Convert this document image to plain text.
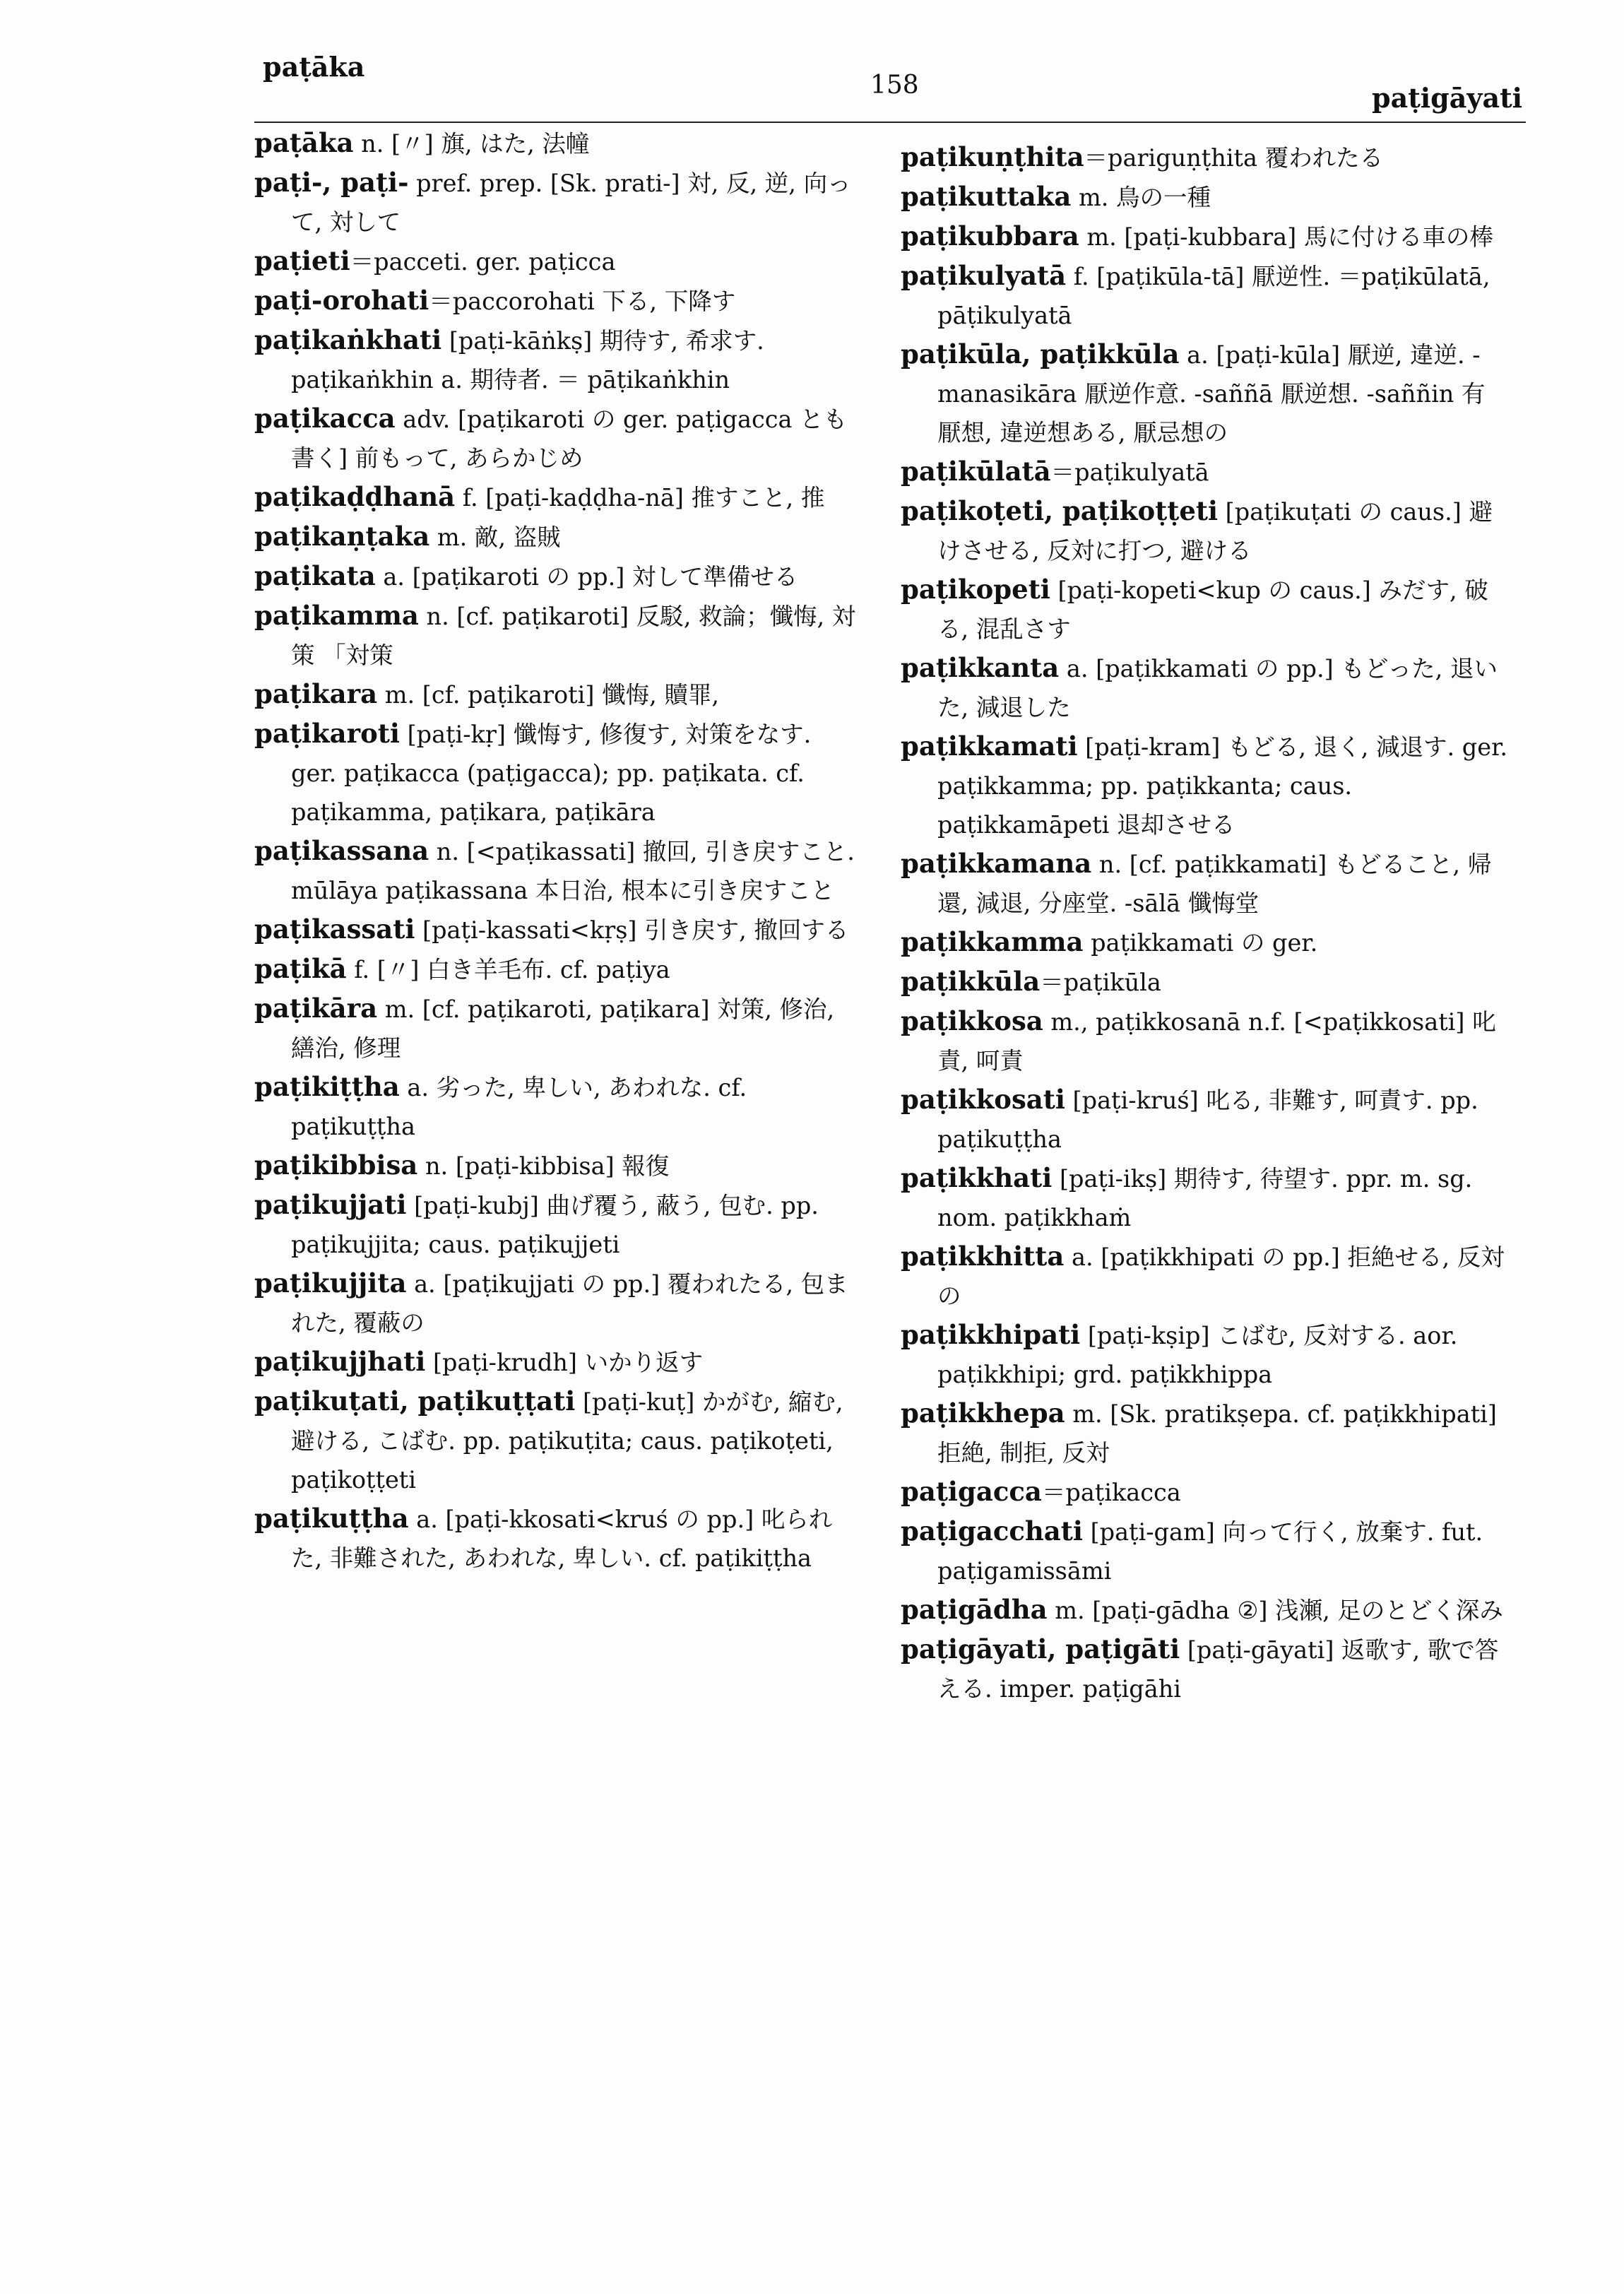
paṭāka
158	paṭigāyati

paṭāka n. [〃] 旗, はた, 法幢

paṭi-, paṭi- pref. prep. [Sk. prati-] 対, 反, 逆, 向って, 対して

paṭieti＝pacceti. ger. paṭicca

paṭi-orohati＝paccorohati 下る, 下降す

paṭikaṅkhati [paṭi-kāṅkṣ] 期待す, 希求す. paṭikaṅkhin a. 期待者. ＝ pāṭikaṅkhin

paṭikacca adv. [paṭikaroti の ger. paṭigacca とも書く] 前もって, あらかじめ

paṭikaḍḍhanā f. [paṭi-kaḍḍha-nā] 推すこと, 推

paṭikaṇṭaka m. 敵, 盗賊

paṭikata a. [paṭikaroti の pp.] 対して準備せる

paṭikamma n. [cf. paṭikaroti] 反駁, 救論；懺悔, 対策 「対策

paṭikara m. [cf. paṭikaroti] 懺悔, 贖罪,

paṭikaroti [paṭi-kṛ] 懺悔す, 修復す, 対策をなす. ger. paṭikacca (paṭigacca); pp. paṭikata. cf. paṭikamma, paṭikara, paṭikāra

paṭikassana n. [<paṭikassati] 撤回, 引き戻すこと. mūlāya paṭikassana 本日治, 根本に引き戻すこと

paṭikassati [paṭi-kassati<kṛṣ] 引き戻す, 撤回する

paṭikā f. [〃] 白き羊毛布. cf. paṭiya

paṭikāra m. [cf. paṭikaroti, paṭikara] 対策, 修治, 繕治, 修理

paṭikiṭṭha a. 劣った, 卑しい, あわれな. cf. paṭikuṭṭha

paṭikibbisa n. [paṭi-kibbisa] 報復

paṭikujjati [paṭi-kubj] 曲げ覆う, 蔽う, 包む. pp. paṭikujjita; caus. paṭikujjeti

paṭikujjita a. [paṭikujjati の pp.] 覆われたる, 包まれた, 覆蔽の

paṭikujjhati [paṭi-krudh] いかり返す

paṭikuṭati, paṭikuṭṭati [paṭi-kuṭ] かがむ, 縮む, 避ける, こばむ. pp. paṭikuṭita; caus. paṭikoṭeti, paṭikoṭṭeti

paṭikuṭṭha a. [paṭi-kkosati<kruś の pp.] 叱られた, 非難された, あわれな, 卑しい. cf. paṭikiṭṭha

paṭikuṇṭhita＝pariguṇṭhita 覆われたる

paṭikuttaka m. 鳥の一種

paṭikubbara m. [paṭi-kubbara] 馬に付ける車の棒

paṭikulyatā f. [paṭikūla-tā] 厭逆性. ＝paṭikūlatā, pāṭikulyatā

paṭikūla, paṭikkūla a. [paṭi-kūla] 厭逆, 違逆. -manasikāra 厭逆作意. -saññā 厭逆想. -saññin 有厭想, 違逆想ある, 厭忌想の

paṭikūlatā＝paṭikulyatā

paṭikoṭeti, paṭikoṭṭeti [paṭikuṭati の caus.] 避けさせる, 反対に打つ, 避ける

paṭikopeti [paṭi-kopeti<kup の caus.] みだす, 破る, 混乱さす

paṭikkanta a. [paṭikkamati の pp.] もどった, 退いた, 減退した

paṭikkamati [paṭi-kram] もどる, 退く, 減退す. ger. paṭikkamma; pp. paṭikkanta; caus. paṭikkamāpeti 退却させる

paṭikkamana n. [cf. paṭikkamati] もどること, 帰還, 減退, 分座堂. -sālā 懺悔堂

paṭikkamma paṭikkamati の ger.

paṭikkūla＝paṭikūla

paṭikkosa m., paṭikkosanā n.f. [<paṭikkosati] 叱責, 呵責

paṭikkosati [paṭi-kruś] 叱る, 非難す, 呵責す. pp. paṭikuṭṭha

paṭikkhati [paṭi-ikṣ] 期待す, 待望す. ppr. m. sg. nom. paṭikkhaṁ

paṭikkhitta a. [paṭikkhipati の pp.] 拒絶せる, 反対の

paṭikkhipati [paṭi-kṣip] こばむ, 反対する. aor. paṭikkhipi; grd. paṭikkhippa

paṭikkhepa m. [Sk. pratikṣepa. cf. paṭikkhipati] 拒絶, 制拒, 反対

paṭigacca＝paṭikacca

paṭigacchati [paṭi-gam] 向って行く, 放棄す. fut. paṭigamissāmi

paṭigādha m. [paṭi-gādha ②] 浅瀬, 足のとどく深み

paṭigāyati, paṭigāti [paṭi-gāyati] 返歌す, 歌で答える. imper. paṭigāhi
